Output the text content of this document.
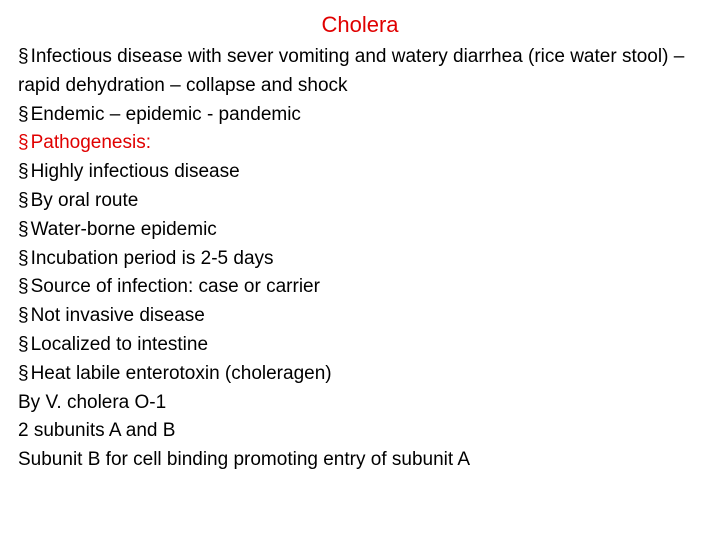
Cholera

§ Infectious disease with sever vomiting and watery diarrhea (rice water stool) – rapid dehydration – collapse and shock

§ Endemic – epidemic - pandemic

§ Pathogenesis:

§ Highly infectious disease

§ By oral route

§ Water-borne epidemic

§ Incubation period is 2-5 days

§ Source of infection: case or carrier

§ Not invasive disease

§ Localized to intestine

§ Heat labile enterotoxin (choleragen)

By V. cholera O-1

2 subunits A and B

Subunit B for cell binding promoting entry of subunit A
